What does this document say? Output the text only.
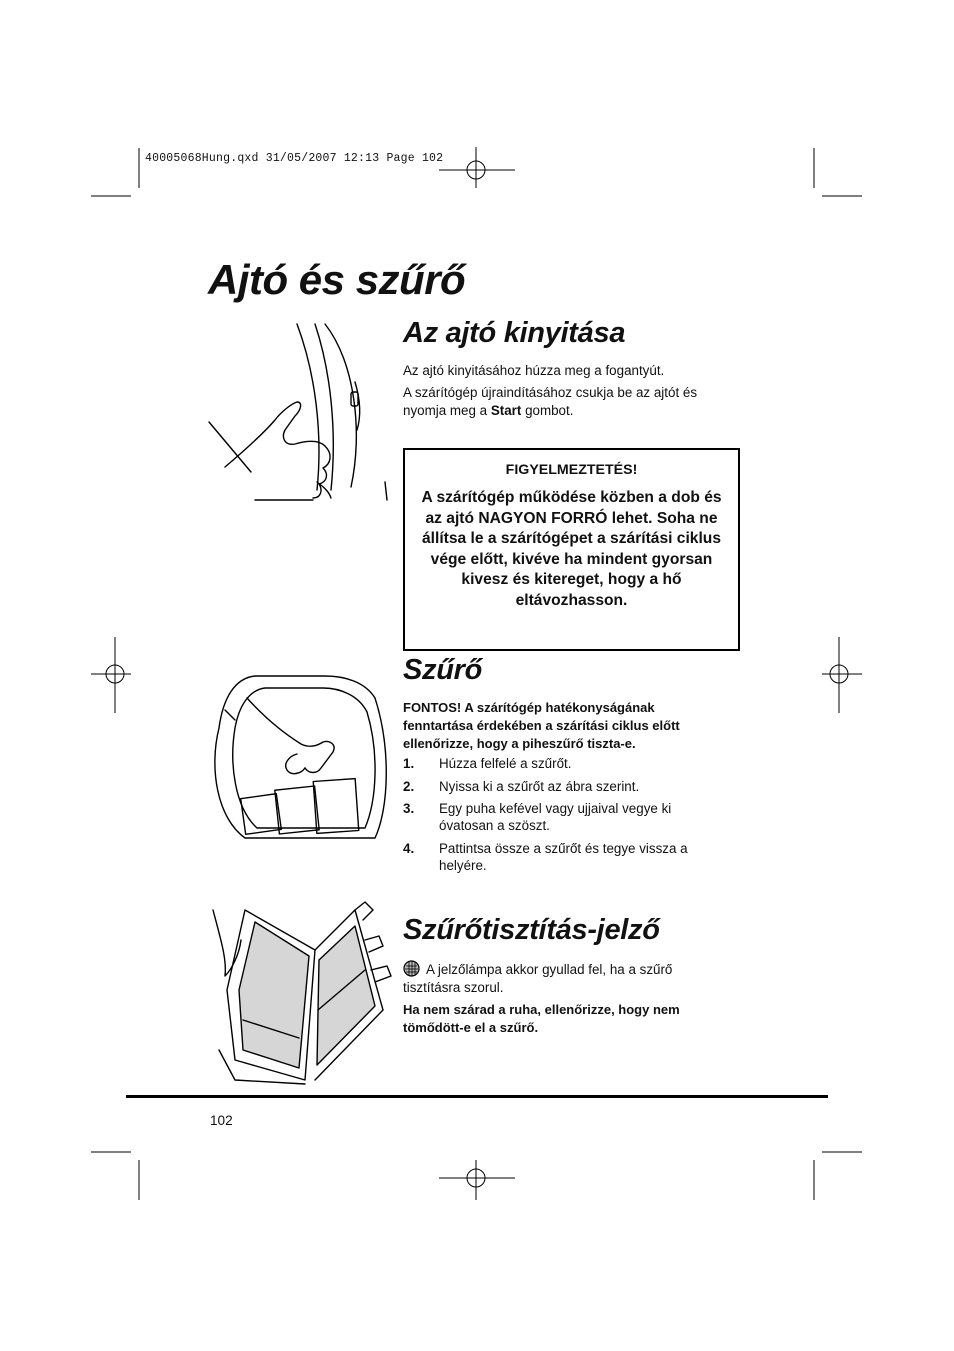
40005068Hung.qxd 31/05/2007 12:13 Page 102
Ajtó és szűrő
Az ajtó kinyitása

Az ajtó kinyitásához húzza meg a fogantyút.

A szárítógép újraindításához csukja be az ajtót és nyomja meg a Start gombot.

FIGYELMEZTETÉS!

A szárítógép működése közben a dob és az ajtó NAGYON FORRÓ lehet. Soha ne állítsa le a szárítógépet a szárítási ciklus vége előtt, kivéve ha mindent gyorsan kivesz és kitereget, hogy a hő eltávozhasson.

Szűrő

FONTOS! A szárítógép hatékonyságának fenntartása érdekében a szárítási ciklus előtt ellenőrizze, hogy a piheszűrő tiszta-e.

1. Húzza felfelé a szűrőt.
2. Nyissa ki a szűrőt az ábra szerint.
3. Egy puha kefével vagy ujjaival vegye ki óvatosan a szöszt.
4. Pattintsa össze a szűrőt és tegye vissza a helyére.
Szűrőtisztítás-jelző

A jelzőlámpa akkor gyullad fel, ha a szűrő tisztításra szorul.

Ha nem szárad a ruha, ellenőrizze, hogy nem tömődött-e el a szűrő.

102
